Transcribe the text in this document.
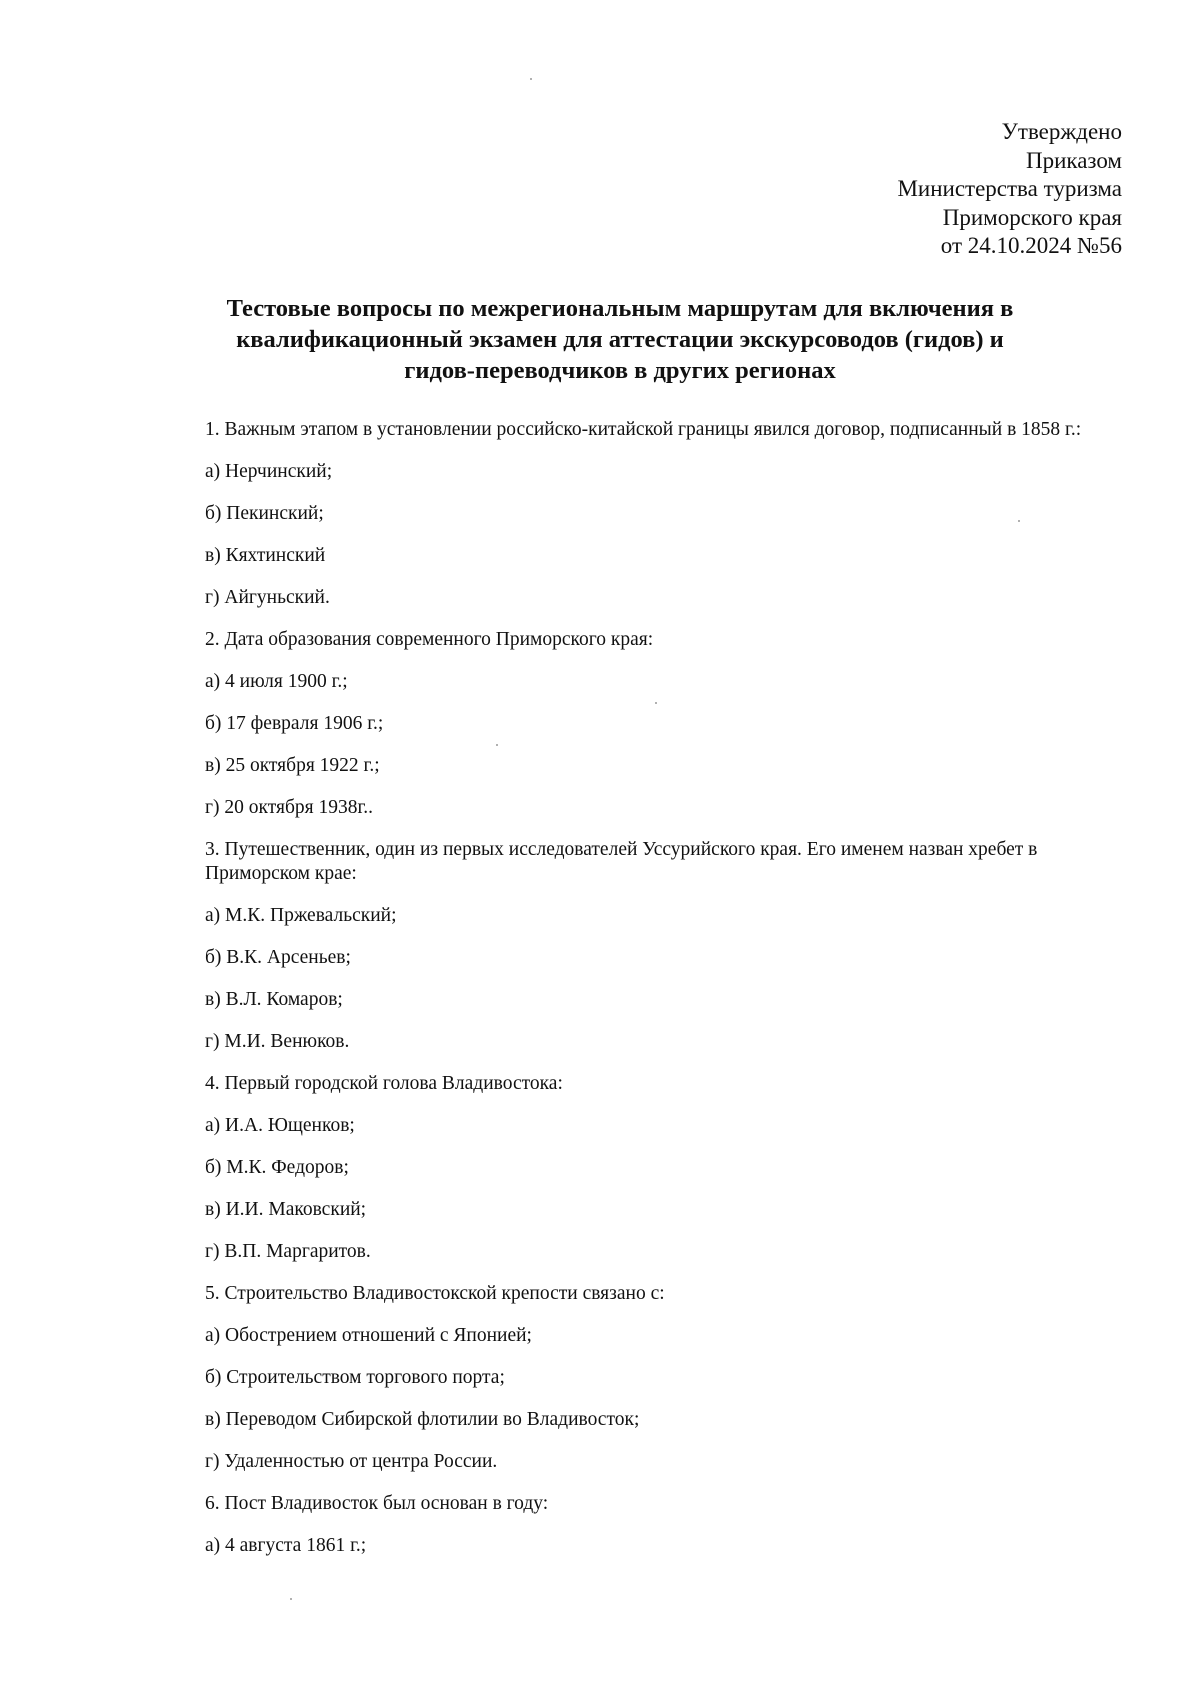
Утверждено
Приказом
Министерства туризма
Приморского края
от 24.10.2024 №56
Тестовые вопросы по межрегиональным маршрутам для включения в
квалификационный экзамен для аттестации экскурсоводов (гидов) и
гидов-переводчиков в других регионах
1. Важным этапом в установлении российско-китайской границы явился договор, подписанный в 1858 г.:
а) Нерчинский;
б) Пекинский;
в) Кяхтинский
г) Айгуньский.
2. Дата образования современного Приморского края:
а) 4 июля 1900 г.;
б) 17 февраля 1906 г.;
в) 25 октября 1922 г.;
г) 20 октября 1938г..
3. Путешественник, один из первых исследователей Уссурийского края. Его именем назван хребет в Приморском крае:
а) М.К. Пржевальский;
б) В.К. Арсеньев;
в) В.Л. Комаров;
г) М.И. Венюков.
4. Первый городской голова Владивостока:
а) И.А. Ющенков;
б) М.К. Федоров;
в) И.И. Маковский;
г) В.П. Маргаритов.
5. Строительство Владивостокской крепости связано с:
а) Обострением отношений с Японией;
б) Строительством торгового порта;
в) Переводом Сибирской флотилии во Владивосток;
г) Удаленностью от центра России.
6. Пост Владивосток был основан в году:
а) 4 августа 1861 г.;
